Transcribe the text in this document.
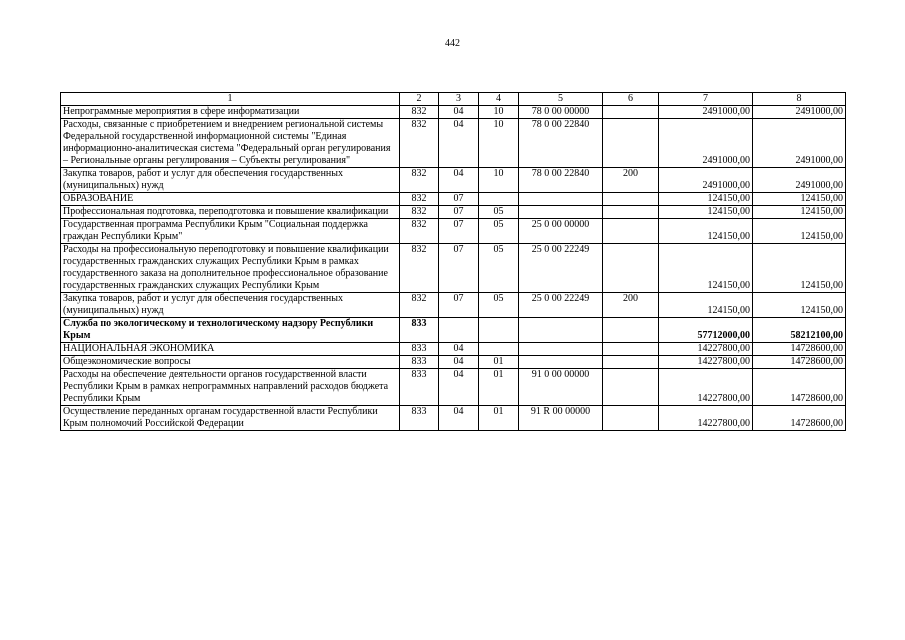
442
1	2	3	4	5	6	7	8
Непрограммные мероприятия в сфере информатизации	832	04	10	78 0 00 00000		2491000,00	2491000,00
Расходы, связанные с приобретением и внедрением региональной системы Федеральной государственной информационной системы "Единая информационно-аналитическая система "Федеральный орган регулирования – Региональные органы регулирования – Субъекты регулирования"	832	04	10	78 0 00 22840		2491000,00	2491000,00
Закупка товаров, работ и услуг для обеспечения государственных (муниципальных) нужд	832	04	10	78 0 00 22840	200	2491000,00	2491000,00
ОБРАЗОВАНИЕ	832	07				124150,00	124150,00
Профессиональная подготовка, переподготовка и повышение квалификации	832	07	05			124150,00	124150,00
Государственная программа Республики Крым "Социальная поддержка граждан Республики Крым"	832	07	05	25 0 00 00000		124150,00	124150,00
Расходы на профессиональную переподготовку и повышение квалификации государственных гражданских служащих Республики Крым в рамках государственного заказа на дополнительное профессиональное образование государственных гражданских служащих Республики Крым	832	07	05	25 0 00 22249		124150,00	124150,00
Закупка товаров, работ и услуг для обеспечения государственных (муниципальных) нужд	832	07	05	25 0 00 22249	200	124150,00	124150,00
Служба по экологическому и технологическому надзору Республики Крым	833					57712000,00	58212100,00
НАЦИОНАЛЬНАЯ ЭКОНОМИКА	833	04				14227800,00	14728600,00
Общеэкономические вопросы	833	04	01			14227800,00	14728600,00
Расходы на обеспечение деятельности органов государственной власти Республики Крым в рамках непрограммных направлений расходов бюджета Республики Крым	833	04	01	91 0 00 00000		14227800,00	14728600,00
Осуществление переданных органам государственной власти Республики Крым полномочий Российской Федерации	833	04	01	91 R 00 00000		14227800,00	14728600,00
